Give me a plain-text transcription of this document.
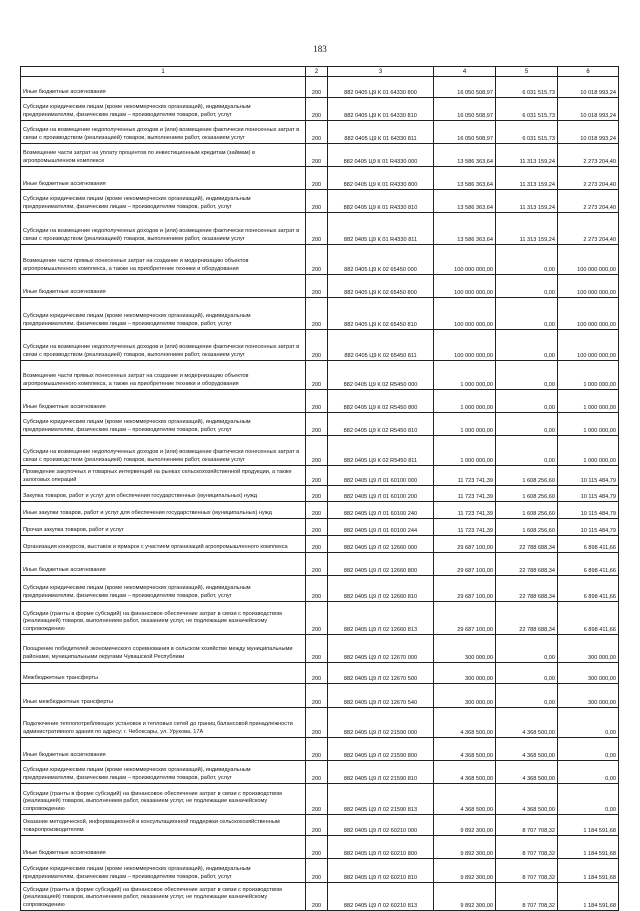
183
1	2	3	4	5	6

Иные бюджетные ассигнования	200	882 0405 Ц9 К 01 64330 800	16 050 508,97	6 031 515,73	10 018 993,24

Субсидии юридическим лицам (кроме некоммерческих организаций), индивидуальным предпринимателям, физическим лицам – производителям товаров, работ, услуг	200	882 0405 Ц9 К 01 64330 810	16 050 508,97	6 031 515,73	10 018 993,24

Субсидии на возмещение недополученных доходов и (или) возмещение фактически понесенных затрат в связи с производством (реализацией) товаров, выполнением работ, оказанием услуг	200	882 0405 Ц9 К 01 64330 811	16 050 508,97	6 031 515,73	10 018 993,24

Возмещение части затрат на уплату процентов по инвестиционным кредитам (займам) в агропромышленном комплексе	200	882 0405 Ц9 К 01 R4330 000	13 586 363,64	11 313 159,24	2 273 204,40

Иные бюджетные ассигнования	200	882 0405 Ц9 К 01 R4330 800	13 586 363,64	11 313 159,24	2 273 204,40

Субсидии юридическим лицам (кроме некоммерческих организаций), индивидуальным предпринимателям, физическим лицам – производителям товаров, работ, услуг	200	882 0405 Ц9 К 01 R4330 810	13 586 363,64	11 313 159,24	2 273 204,40

Субсидии на возмещение недополученных доходов и (или) возмещение фактически понесенных затрат в связи с производством (реализацией) товаров, выполнением работ, оказанием услуг	200	882 0405 Ц9 К 01 R4330 811	13 586 363,64	11 313 159,24	2 273 204,40

Возмещение части прямых понесенных затрат на создание и модернизацию объектов агропромышленного комплекса, а также на приобретение техники и оборудования	200	882 0405 Ц9 К 02 65450 000	100 000 000,00	0,00	100 000 000,00

Иные бюджетные ассигнования	200	882 0405 Ц9 К 02 65450 800	100 000 000,00	0,00	100 000 000,00

Субсидии юридическим лицам (кроме некоммерческих организаций), индивидуальным предпринимателям, физическим лицам – производителям товаров, работ, услуг	200	882 0405 Ц9 К 02 65450 810	100 000 000,00	0,00	100 000 000,00

Субсидии на возмещение недополученных доходов и (или) возмещение фактически понесенных затрат в связи с производством (реализацией) товаров, выполнением работ, оказанием услуг	200	882 0405 Ц9 К 02 65450 811	100 000 000,00	0,00	100 000 000,00

Возмещение части прямых понесенных затрат на создание и модернизацию объектов агропромышленного комплекса, а также на приобретение техники и оборудования	200	882 0405 Ц9 К 02 R5450 000	1 000 000,00	0,00	1 000 000,00

Иные бюджетные ассигнования	200	882 0405 Ц9 К 02 R5450 800	1 000 000,00	0,00	1 000 000,00

Субсидии юридическим лицам (кроме некоммерческих организаций), индивидуальным предпринимателям, физическим лицам – производителям товаров, работ, услуг	200	882 0405 Ц9 К 02 R5450 810	1 000 000,00	0,00	1 000 000,00

Субсидии на возмещение недополученных доходов и (или) возмещение фактически понесенных затрат в связи с производством (реализацией) товаров, выполнением работ, оказанием услуг	200	882 0405 Ц9 К 02 R5450 811	1 000 000,00	0,00	1 000 000,00

Проведение закупочных и товарных интервенций на рынках сельскохозяйственной продукции, а также залоговых операций	200	882 0405 Ц9 Л 01 60100 000	11 723 741,39	1 608 256,60	10 115 484,79

Закупка товаров, работ и услуг для обеспечения государственных (муниципальных) нужд	200	882 0405 Ц9 Л 01 60100 200	11 723 741,39	1 608 256,60	10 115 484,79

Иные закупки товаров, работ и услуг для обеспечения государственных (муниципальных) нужд	200	882 0405 Ц9 Л 01 60100 240	11 723 741,39	1 608 256,60	10 115 484,79

Прочая закупка товаров, работ и услуг	200	882 0405 Ц9 Л 01 60100 244	11 723 741,39	1 608 256,60	10 115 484,79

Организация конкурсов, выставок и ярмарок с участием организаций агропромышленного комплекса	200	882 0405 Ц9 Л 02 12660 000	29 687 100,00	22 788 688,34	6 898 411,66

Иные бюджетные ассигнования	200	882 0405 Ц9 Л 02 12660 800	29 687 100,00	22 788 688,34	6 898 411,66

Субсидии юридическим лицам (кроме некоммерческих организаций), индивидуальным предпринимателям, физическим лицам – производителям товаров, работ, услуг	200	882 0405 Ц9 Л 02 12660 810	29 687 100,00	22 788 688,34	6 898 411,66

Субсидии (гранты в форме субсидий) на финансовое обеспечение затрат в связи с производством (реализацией) товаров, выполнением работ, оказанием услуг, не подлежащие казначейскому сопровождению	200	882 0405 Ц9 Л 02 12660 813	29 687 100,00	22 788 688,34	6 898 411,66

Поощрение победителей экономического соревнования в сельском хозяйстве между муниципальными районами, муниципальными округами Чувашской Республики	200	882 0405 Ц9 Л 02 12670 000	300 000,00	0,00	300 000,00

Межбюджетные трансферты	200	882 0405 Ц9 Л 02 12670 500	300 000,00	0,00	300 000,00

Иные межбюджетные трансферты	200	882 0405 Ц9 Л 02 12670 540	300 000,00	0,00	300 000,00

Подключение теплопотребляющих установок и тепловых сетей до границ балансовой принадлежности административного здания по адресу: г. Чебоксары, ул. Урукова, 17А	200	882 0405 Ц9 Л 02 21590 000	4 368 500,00	4 368 500,00	0,00

Иные бюджетные ассигнования	200	882 0405 Ц9 Л 02 21590 800	4 368 500,00	4 368 500,00	0,00

Субсидии юридическим лицам (кроме некоммерческих организаций), индивидуальным предпринимателям, физическим лицам – производителям товаров, работ, услуг	200	882 0405 Ц9 Л 02 21590 810	4 368 500,00	4 368 500,00	0,00

Субсидии (гранты в форме субсидий) на финансовое обеспечение затрат в связи с производством (реализацией) товаров, выполнением работ, оказанием услуг, не подлежащие казначейскому сопровождению	200	882 0405 Ц9 Л 02 21590 813	4 368 500,00	4 368 500,00	0,00

Оказание методической, информационной и консультационной поддержки сельскохозяйственным товаропроизводителям	200	882 0405 Ц9 Л 02 60210 000	9 892 300,00	8 707 708,32	1 184 591,68

Иные бюджетные ассигнования	200	882 0405 Ц9 Л 02 60210 800	9 892 300,00	8 707 708,32	1 184 591,68

Субсидии юридическим лицам (кроме некоммерческих организаций), индивидуальным предпринимателям, физическим лицам – производителям товаров, работ, услуг	200	882 0405 Ц9 Л 02 60210 810	9 892 300,00	8 707 708,32	1 184 591,68

Субсидии (гранты в форме субсидий) на финансовое обеспечение затрат в связи с производством (реализацией) товаров, выполнением работ, оказанием услуг, не подлежащие казначейскому сопровождению	200	882 0405 Ц9 Л 02 60210 813	9 892 300,00	8 707 708,32	1 184 591,68
